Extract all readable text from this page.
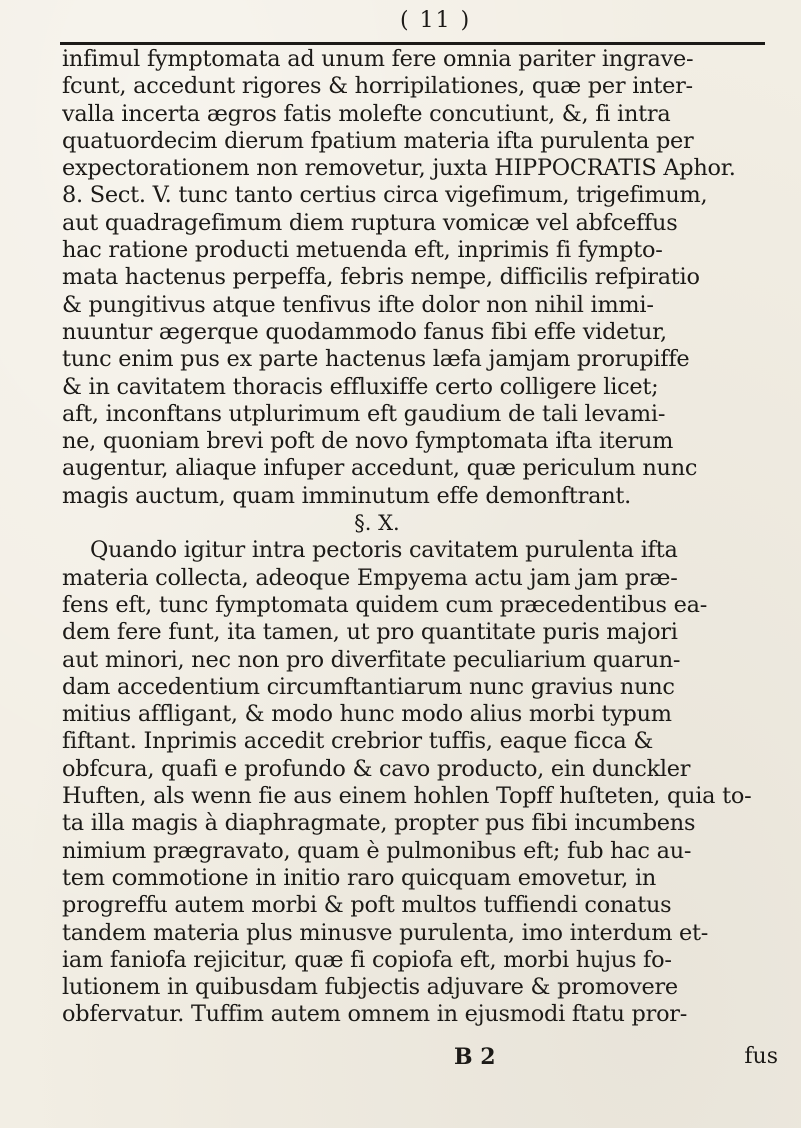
( 11 )
infimul fymptomata ad unum fere omnia pariter ingrave-
fcunt, accedunt rigores & horripilationes, quæ per inter-
valla incerta ægros fatis molefte concutiunt, &, fi intra
quatuordecim dierum fpatium materia ifta purulenta per
expectorationem non removetur, juxta HIPPOCRATIS Aphor.
8. Sect. V. tunc tanto certius circa vigefimum, trigefimum,
aut quadragefimum diem ruptura vomicæ vel abfceffus
hac ratione producti metuenda eft, inprimis fi fympto-
mata hactenus perpeffa, febris nempe, difficilis refpiratio
& pungitivus atque tenfivus ifte dolor non nihil immi-
nuuntur ægerque quodammodo fanus fibi effe videtur,
tunc enim pus ex parte hactenus læfa jamjam prorupiffe
& in cavitatem thoracis effluxiffe certo colligere licet;
aft, inconftans utplurimum eft gaudium de tali levami-
ne, quoniam brevi poft de novo fymptomata ifta iterum
augentur, aliaque infuper accedunt, quæ periculum nunc
magis auctum, quam imminutum effe demonftrant.
§. X.
Quando igitur intra pectoris cavitatem purulenta ifta
materia collecta, adeoque Empyema actu jam jam præ-
fens eft, tunc fymptomata quidem cum præcedentibus ea-
dem fere funt, ita tamen, ut pro quantitate puris majori
aut minori, nec non pro diverfitate peculiarium quarun-
dam accedentium circumftantiarum nunc gravius nunc
mitius affligant, & modo hunc modo alius morbi typum
fiftant. Inprimis accedit crebrior tuffis, eaque ficca &
obfcura, quafi e profundo & cavo producto, ein dunckler
Huften, als wenn fie aus einem hohlen Topff huſteten, quia to-
ta illa magis à diaphragmate, propter pus fibi incumbens
nimium prægravato, quam è pulmonibus eft; fub hac au-
tem commotione in initio raro quicquam emovetur, in
progreffu autem morbi & poft multos tuffiendi conatus
tandem materia plus minusve purulenta, imo interdum et-
iam faniofa rejicitur, quæ fi copiofa eft, morbi hujus fo-
lutionem in quibusdam fubjectis adjuvare & promovere
obfervatur. Tuffim autem omnem in ejusmodi ftatu pror-
B 2	fus
